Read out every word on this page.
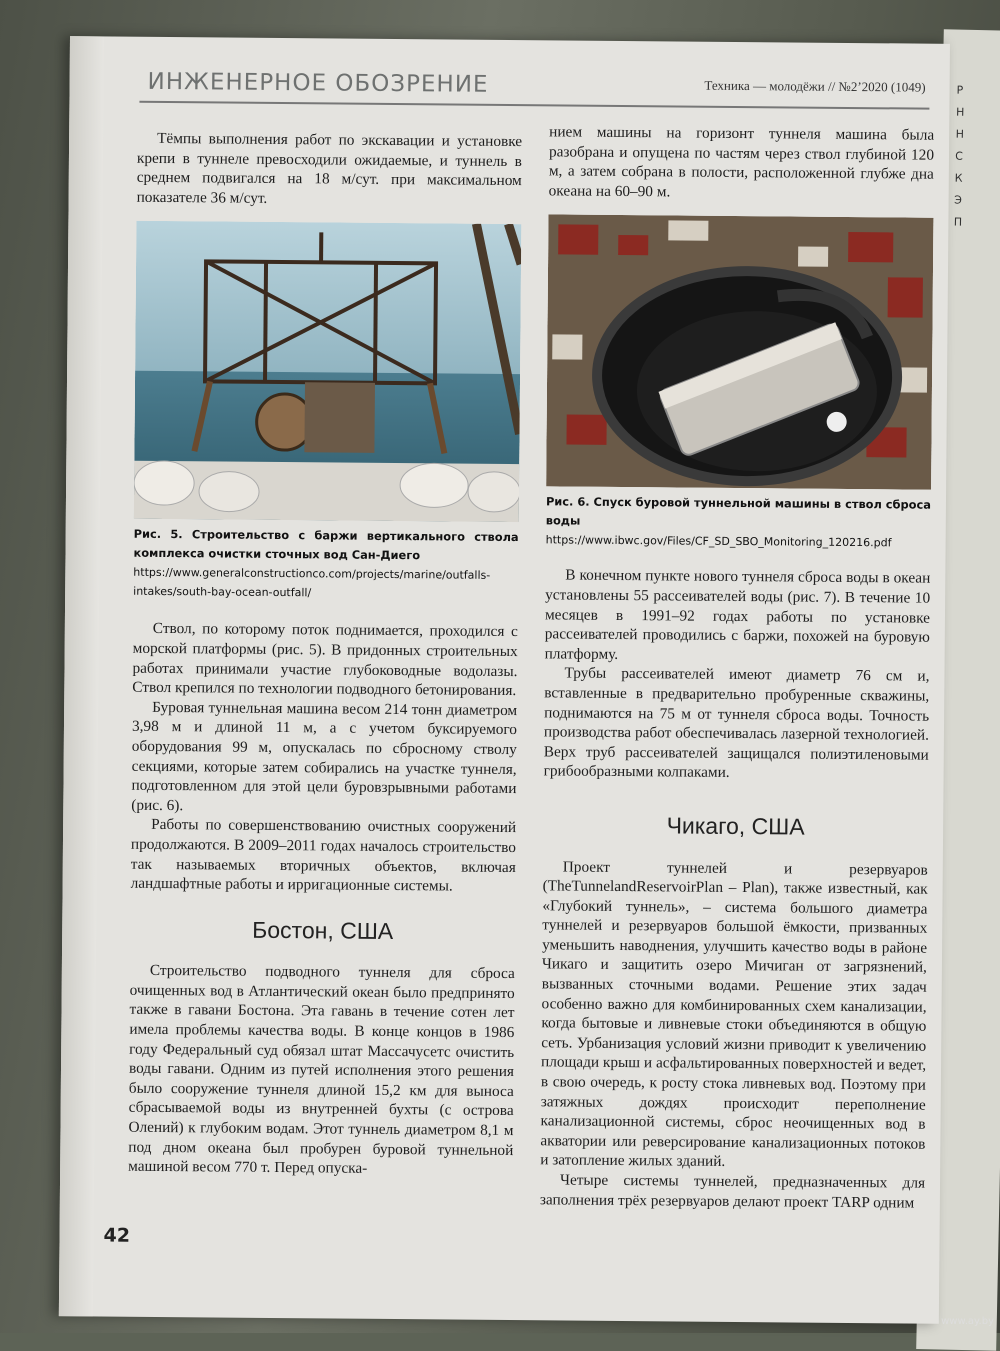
Р
Н
Н
С
К
Э
П
ИНЖЕНЕРНОЕ ОБОЗРЕНИЕ	Техника — молодёжи // №2’2020 (1049)

Тёмпы выполнения работ по экскавации и установке крепи в туннеле превосходили ожидаемые, и туннель в среднем подвигался на 18 м/сут. при максимальном показателе 36 м/сут.

Рис. 5. Строительство с баржи вертикального ствола комплекса очистки сточных вод Сан-Диего
https://www.generalconstructionco.com/projects/marine/outfalls-intakes/south-bay-ocean-outfall/

Ствол, по которому поток поднимается, проходился с морской платформы (рис. 5). В придонных строительных работах принимали участие глубоководные водолазы. Ствол крепился по технологии подводного бетонирования.

Буровая туннельная машина весом 214 тонн диаметром 3,98 м и длиной 11 м, а с учетом буксируемого оборудования 99 м, опускалась по сбросному стволу секциями, которые затем собирались на участке туннеля, подготовленном для этой цели буровзрывными работами (рис. 6).

Работы по совершенствованию очистных сооружений продолжаются. В 2009–2011 годах началось строительство так называемых вторичных объектов, включая ландшафтные работы и ирригационные системы.

Бостон, США

Строительство подводного туннеля для сброса очищенных вод в Атлантический океан было предпринято также в гавани Бостона. Эта гавань в течение сотен лет имела проблемы качества воды. В конце концов в 1986 году Федеральный суд обязал штат Массачусетс очистить воды гавани. Одним из путей исполнения этого решения было сооружение туннеля длиной 15,2 км для выноса сбрасываемой воды из внутренней бухты (с острова Олений) к глубоким водам. Этот туннель диаметром 8,1 м под дном океана был пробурен буровой туннельной машиной весом 770 т. Перед опуска-

нием машины на горизонт туннеля машина была разобрана и опущена по частям через ствол глубиной 120 м, а затем собрана в полости, расположенной глубже дна океана на 60–90 м.

Рис. 6. Спуск буровой туннельной машины в ствол сброса воды
https://www.ibwc.gov/Files/CF_SD_SBO_Monitoring_120216.pdf

В конечном пункте нового туннеля сброса воды в океан установлены 55 рассеивателей воды (рис. 7). В течение 10 месяцев в 1991–92 годах работы по установке рассеивателей проводились с баржи, похожей на буровую платформу.

Трубы рассеивателей имеют диаметр 76 см и, вставленные в предварительно пробуренные скважины, поднимаются на 75 м от туннеля сброса воды. Точность производства работ обеспечивалась лазерной технологией. Верх труб рассеивателей защищался полиэтиленовыми грибообразными колпаками.

Чикаго, США

Проект туннелей и резервуаров (TheTunnelandReservoirPlan – Plan), также известный, как «Глубокий туннель», – система большого диаметра туннелей и резервуаров большой ёмкости, призванных уменьшить наводнения, улучшить качество воды в районе Чикаго и защитить озеро Мичиган от загрязнений, вызванных сточными водами. Решение этих задач особенно важно для комбинированных схем канализации, когда бытовые и ливневые стоки объединяются в общую сеть. Урбанизация условий жизни приводит к увеличению площади крыш и асфальтированных поверхностей и ведет, в свою очередь, к росту стока ливневых вод. Поэтому при затяжных дождях происходит переполнение канализационной системы, сброс неочищенных вод в акватории или реверсирование канализационных потоков и затопление жилых зданий.

Четыре системы туннелей, предназначенных для заполнения трёх резервуаров делают проект TARP одним

42
www.ay.by
